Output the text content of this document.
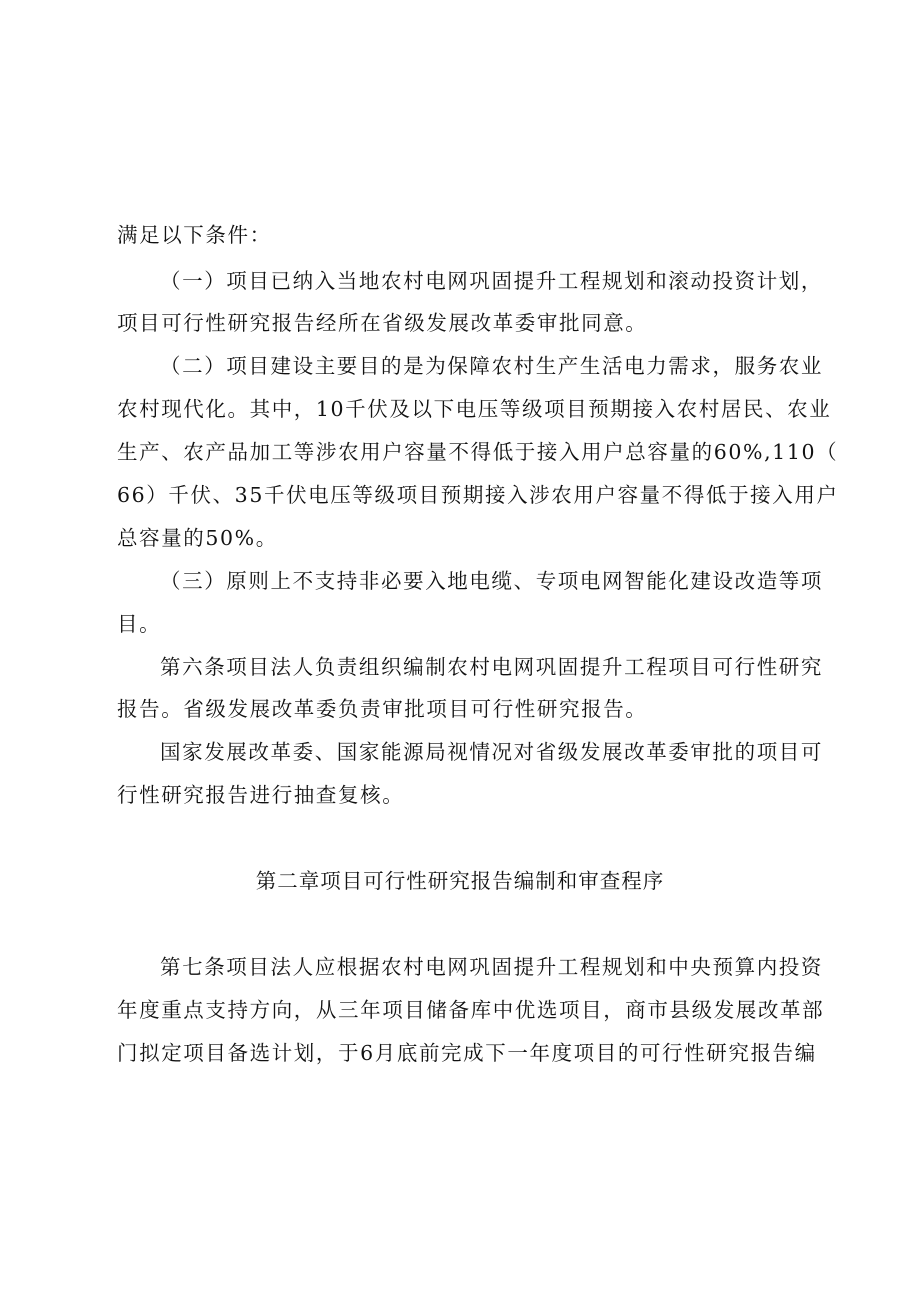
满足以下条件：
（一）项目已纳入当地农村电网巩固提升工程规划和滚动投资计划，
项目可行性研究报告经所在省级发展改革委审批同意。
（二）项目建设主要目的是为保障农村生产生活电力需求，服务农业
农村现代化。其中，10千伏及以下电压等级项目预期接入农村居民、农业
生产、农产品加工等涉农用户容量不得低于接入用户总容量的60%,110（
66）千伏、35千伏电压等级项目预期接入涉农用户容量不得低于接入用户
总容量的50%。
（三）原则上不支持非必要入地电缆、专项电网智能化建设改造等项
目。
第六条项目法人负责组织编制农村电网巩固提升工程项目可行性研究
报告。省级发展改革委负责审批项目可行性研究报告。
国家发展改革委、国家能源局视情况对省级发展改革委审批的项目可
行性研究报告进行抽查复核。
第二章项目可行性研究报告编制和审查程序
第七条项目法人应根据农村电网巩固提升工程规划和中央预算内投资
年度重点支持方向，从三年项目储备库中优选项目，商市县级发展改革部
门拟定项目备选计划，于6月底前完成下一年度项目的可行性研究报告编
